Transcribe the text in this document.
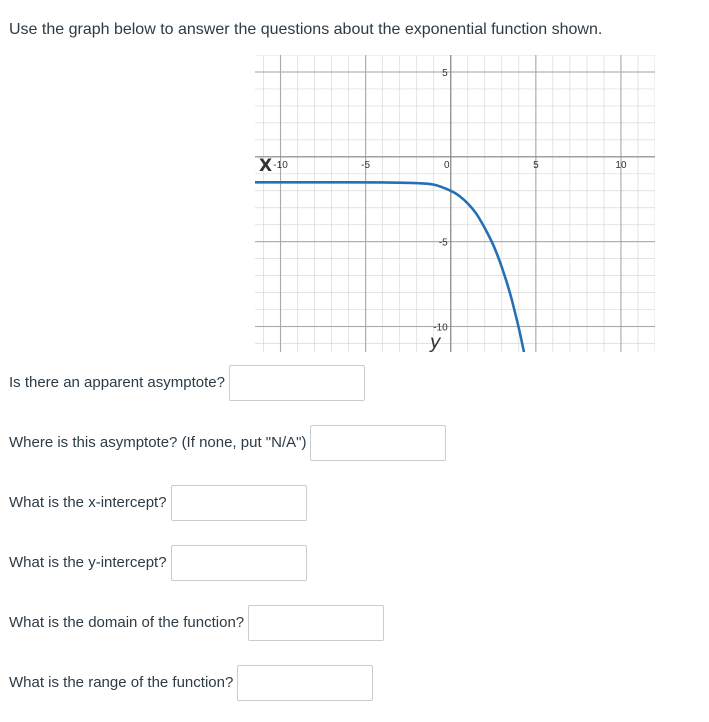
Use the graph below to answer the questions about the exponential function shown.

-10	-5	0	5	10
5
-5
-10
X
y
Is there an apparent asymptote?
Where is this asymptote? (If none, put "N/A")
What is the x-intercept?
What is the y-intercept?
What is the domain of the function?
What is the range of the function?
